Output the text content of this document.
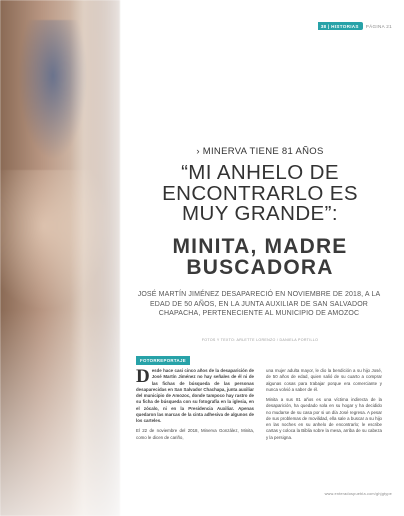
38 | HISTORIAS	PÁGINA 21
› MINERVA TIENE 81 AÑOS
“MI ANHELO DE ENCONTRARLO ES MUY GRANDE”:
MINITA, MADRE BUSCADORA
JOSÉ MARTÍN JIMÉNEZ DESAPARECIÓ EN NOVIEMBRE DE 2018, A LA EDAD DE 50 AÑOS, EN LA JUNTA AUXILIAR DE SAN SALVADOR CHAPACHA, PERTENECIENTE AL MUNICIPIO DE AMOZOC
FOTOS Y TEXTO: ARLETTE LORENZO / DANIELA PORTILLO
FOTORREPORTAJE

D esde hace casi cinco años de la desaparición de José Martín Jiménez no hay señales de él ni de las fichas de búsqueda de las personas desaparecidas en San Salvador Chachapa, junta auxiliar del municipio de Amozoc, donde tampoco hay rastro de su ficha de búsqueda con su fotografía en la iglesia, en el zócalo, ni en la Presidencia Auxiliar. Apenas quedaron las marcas de la cinta adhesiva de algunos de los carteles.

El 22 de noviembre del 2018, Minerva González, Minita, como le dicen de cariño,

una mujer adulta mayor, le dio la bendición a su hijo José, de 50 años de edad, quien salió de su cuarto a comprar algunas cosas para trabajar porque era comerciante y nunca volvió a saber de él.

Minita a sus 81 años es una víctima indirecta de la desaparición, ha quedado sola en su hogar y ha decidido no mudarse de su casa por si un día José regresa. A pesar de sus problemas de movilidad, ella sale a buscar a su hijo en las noches en su anhelo de encontrarlo; le escribe cartas y coloca la Biblia sobre la mesa, arriba de su cabeza y la persigna.

www.enteradospuebla.com/ghjgtype
